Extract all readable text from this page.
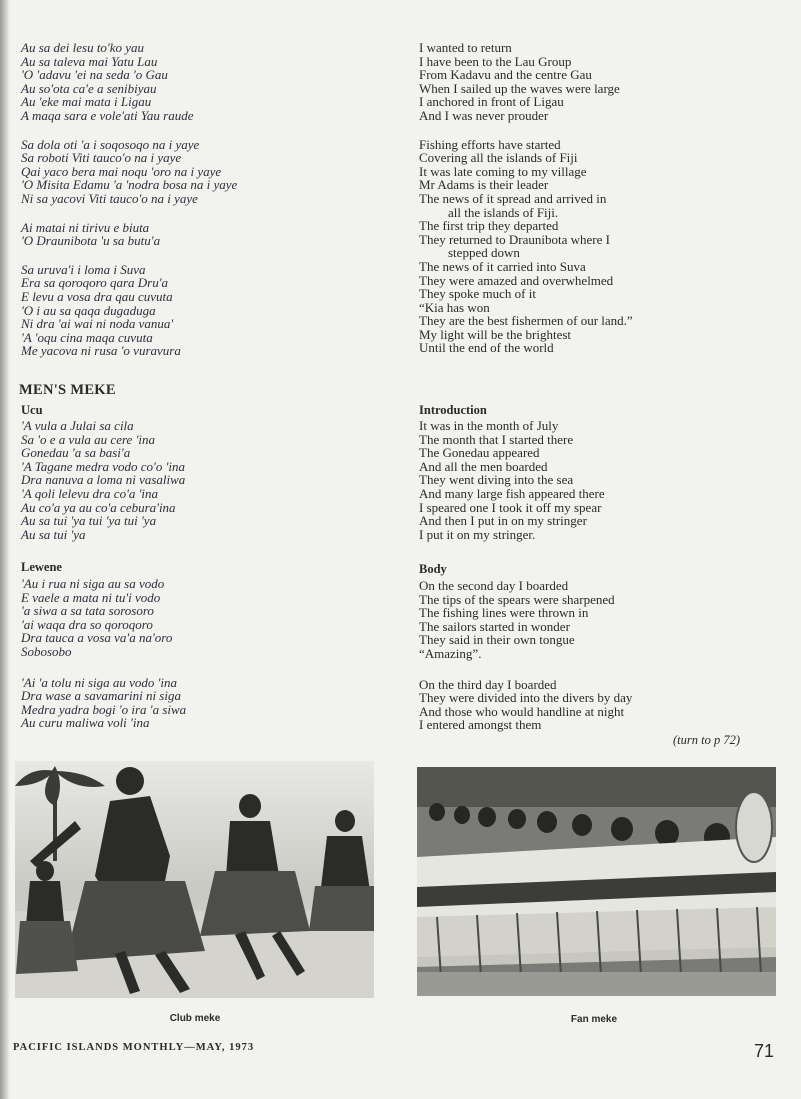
Au sa dei lesu to'ko yau
Au sa taleva mai Yatu Lau
'O 'adavu 'ei na seda 'o Gau
Au so'ota ca'e a senibiyau
Au 'eke mai mata i Ligau
A maqa sara e vole'ati Yau raude
Sa dola oti 'a i soqosoqo na i yaye
Sa roboti Viti tauco'o na i yaye
Qai yaco bera mai noqu 'oro na i yaye
'O Misita Edamu 'a 'nodra bosa na i yaye
Ni sa yacovi Viti tauco'o na i yaye
Ai matai ni tirivu e biuta
'O Draunibota 'u sa butu'a
Sa uruva'i i loma i Suva
Era sa qoroqoro qara Dru'a
E levu a vosa dra qau cuvuta
'O i au sa qaqa dugaduga
Ni dra 'ai wai ni noda vanua'
'A 'oqu cina maqa cuvuta
Me yacova ni rusa 'o vuravura
I wanted to return
I have been to the Lau Group
From Kadavu and the centre Gau
When I sailed up the waves were large
I anchored in front of Ligau
And I was never prouder
Fishing efforts have started
Covering all the islands of Fiji
It was late coming to my village
Mr Adams is their leader
The news of it spread and arrived in
all the islands of Fiji.
The first trip they departed
They returned to Draunibota where I
stepped down
The news of it carried into Suva
They were amazed and overwhelmed
They spoke much of it
“Kia has won
They are the best fishermen of our land.”
My light will be the brightest
Until the end of the world
MEN'S MEKE
Ucu
'A vula a Julai sa cila
Sa 'o e a vula au cere 'ina
Gonedau 'a sa basi'a
'A Tagane medra vodo co'o 'ina
Dra nanuva a loma ni vasaliwa
'A qoli lelevu dra co'a 'ina
Au co'a ya au co'a cebura'ina
Au sa tui 'ya tui 'ya tui 'ya
Au sa tui 'ya
Lewene
'Au i rua ni siga au sa vodo
E vaele a mata ni tu'i vodo
'a siwa a sa tata sorosoro
'ai waqa dra so qoroqoro
Dra tauca a vosa va'a na'oro
Sobosobo
'Ai 'a tolu ni siga au vodo 'ina
Dra wase a savamarini ni siga
Medra yadra bogi 'o ira 'a siwa
Au curu maliwa voli 'ina
Introduction
It was in the month of July
The month that I started there
The Gonedau appeared
And all the men boarded
They went diving into the sea
And many large fish appeared there
I speared one I took it off my spear
And then I put in on my stringer
I put it on my stringer.
Body
On the second day I boarded
The tips of the spears were sharpened
The fishing lines were thrown in
The sailors started in wonder
They said in their own tongue
“Amazing”.
On the third day I boarded
They were divided into the divers by day
And those who would handline at night
I entered amongst them
(turn to p 72)
Club meke	Fan meke
PACIFIC ISLANDS MONTHLY—MAY, 1973	71
